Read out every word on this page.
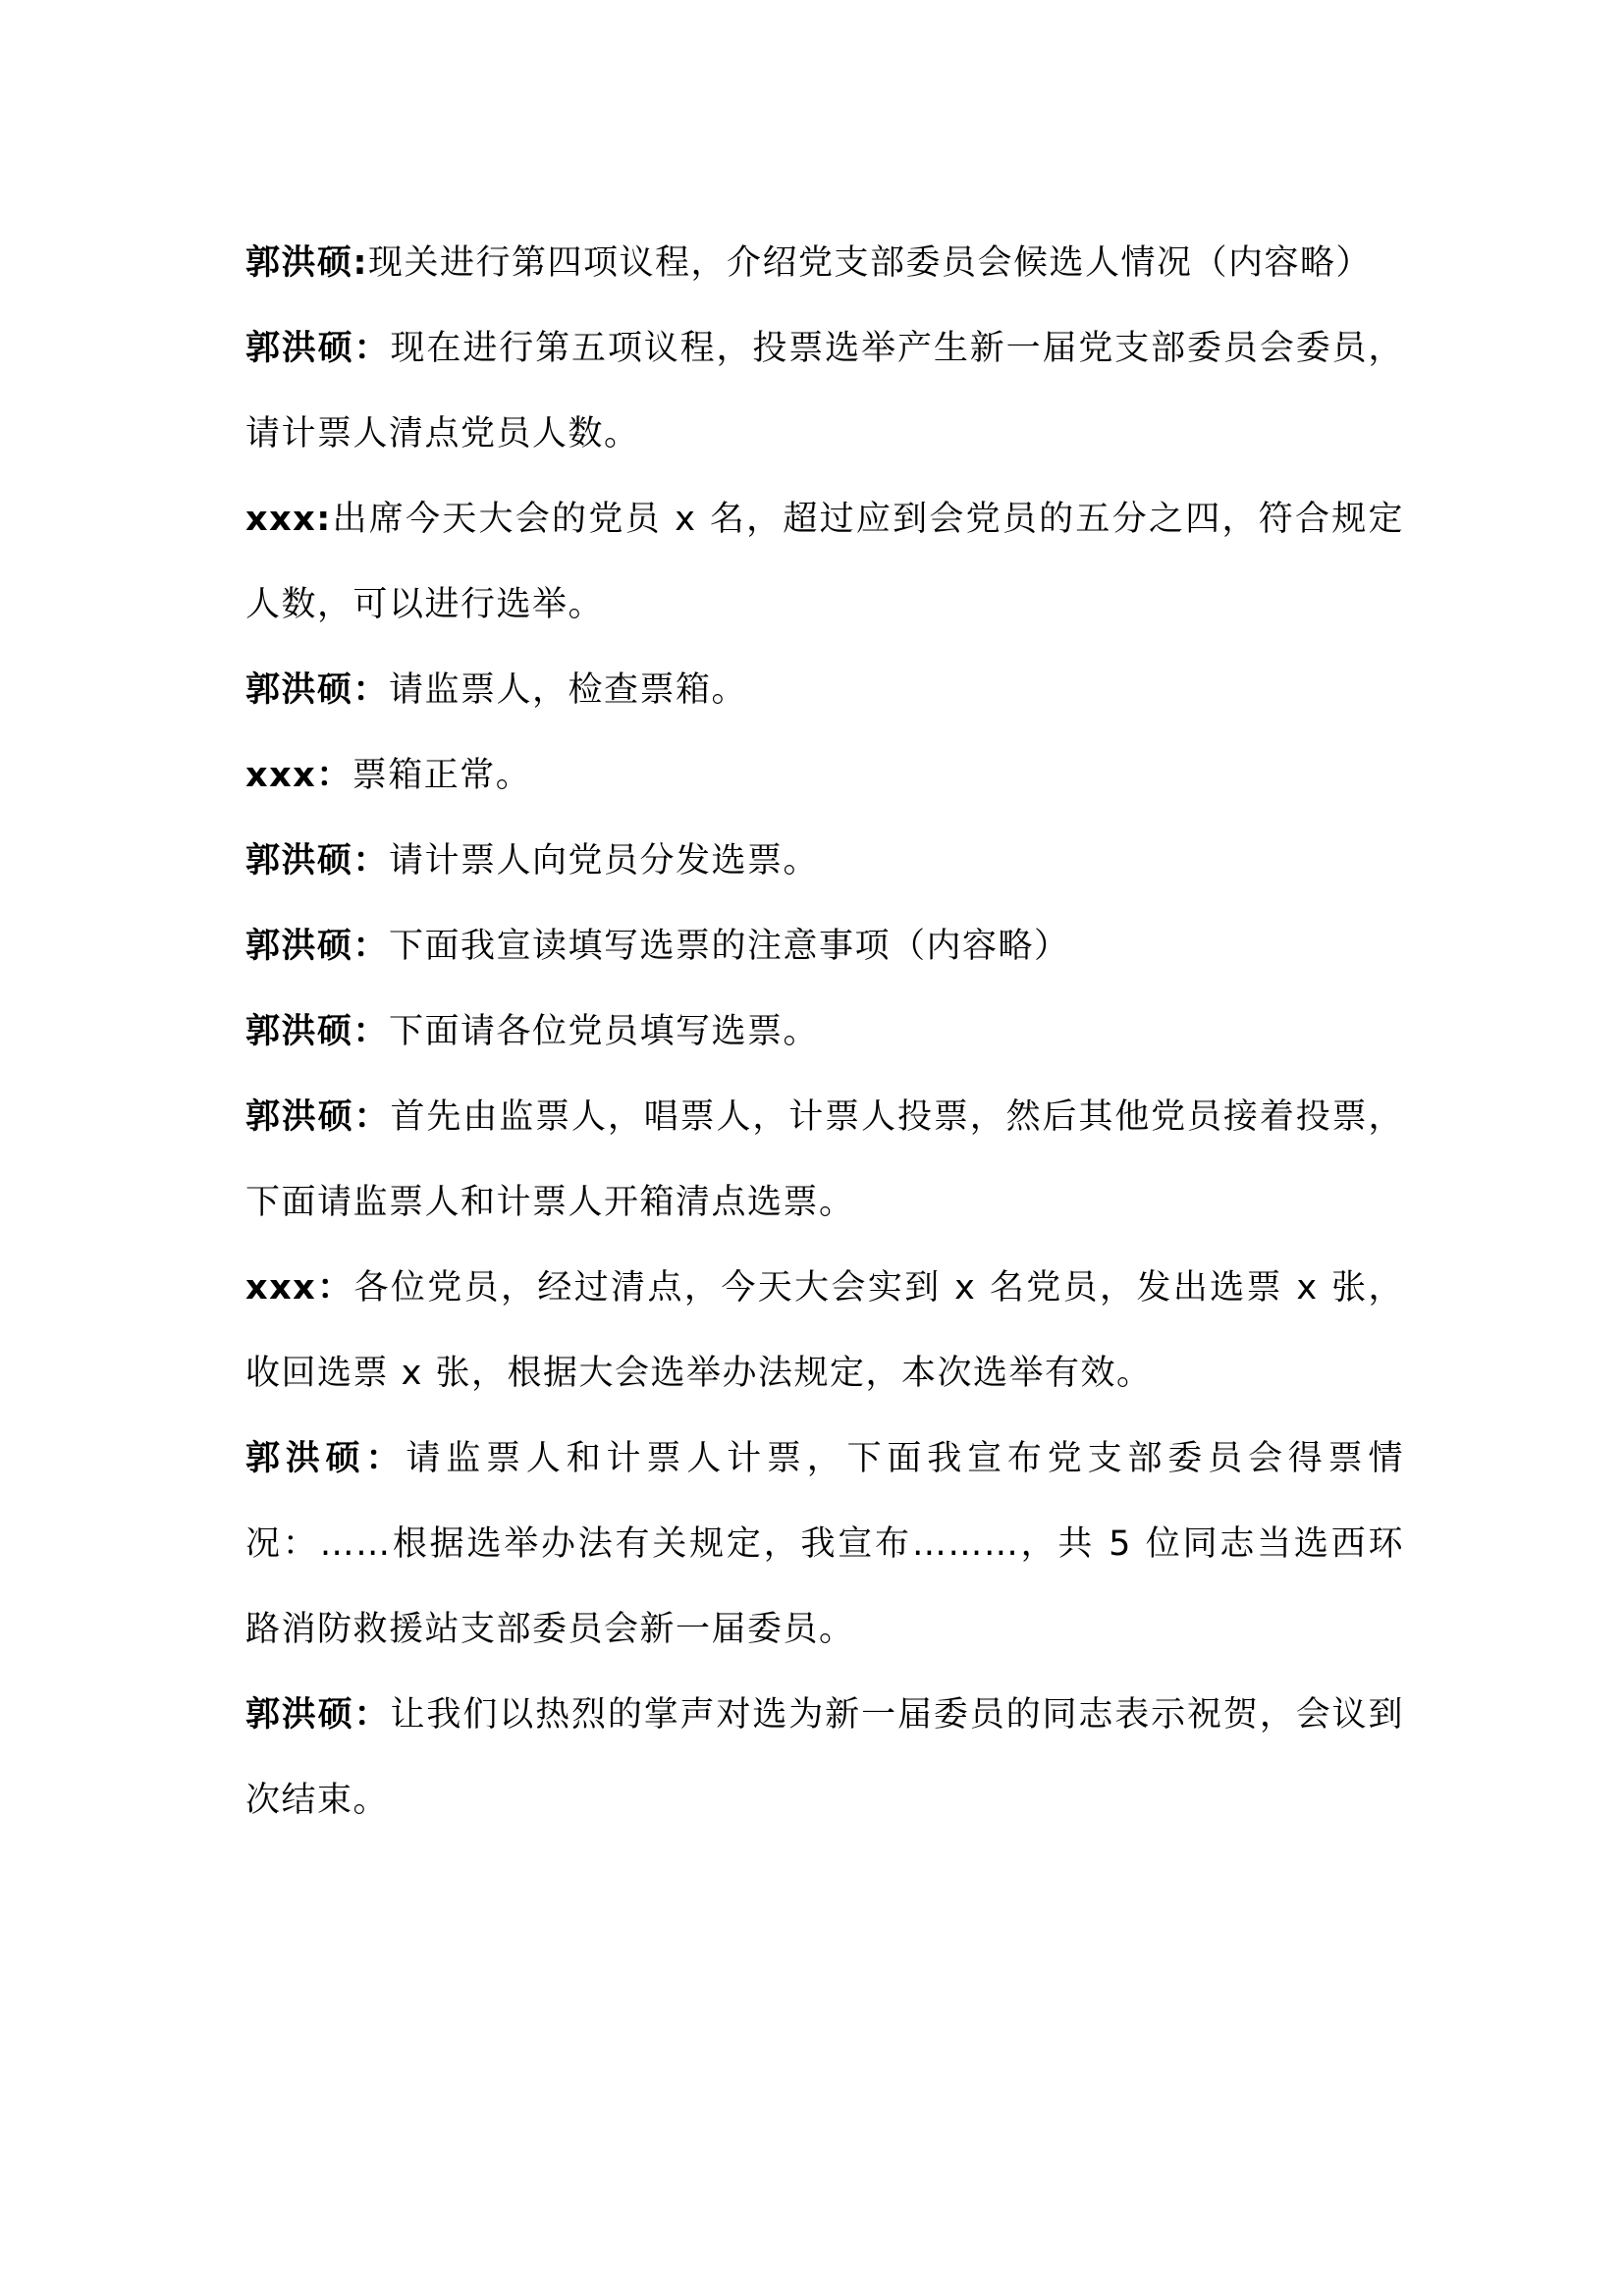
郭洪硕:现关进行第四项议程，介绍党支部委员会候选人情况（内容略）

郭洪硕：现在进行第五项议程，投票选举产生新一届党支部委员会委员，请计票人清点党员人数。

xxx:出席今天大会的党员 x 名，超过应到会党员的五分之四，符合规定人数，可以进行选举。

郭洪硕：请监票人，检查票箱。

xxx：票箱正常。

郭洪硕：请计票人向党员分发选票。

郭洪硕：下面我宣读填写选票的注意事项（内容略）

郭洪硕：下面请各位党员填写选票。

郭洪硕：首先由监票人，唱票人，计票人投票，然后其他党员接着投票，下面请监票人和计票人开箱清点选票。

xxx：各位党员，经过清点，今天大会实到 x 名党员，发出选票 x 张，收回选票 x 张，根据大会选举办法规定，本次选举有效。

郭洪硕：请监票人和计票人计票，下面我宣布党支部委员会得票情况：……根据选举办法有关规定，我宣布………，共 5 位同志当选西环路消防救援站支部委员会新一届委员。

郭洪硕：让我们以热烈的掌声对选为新一届委员的同志表示祝贺，会议到次结束。
